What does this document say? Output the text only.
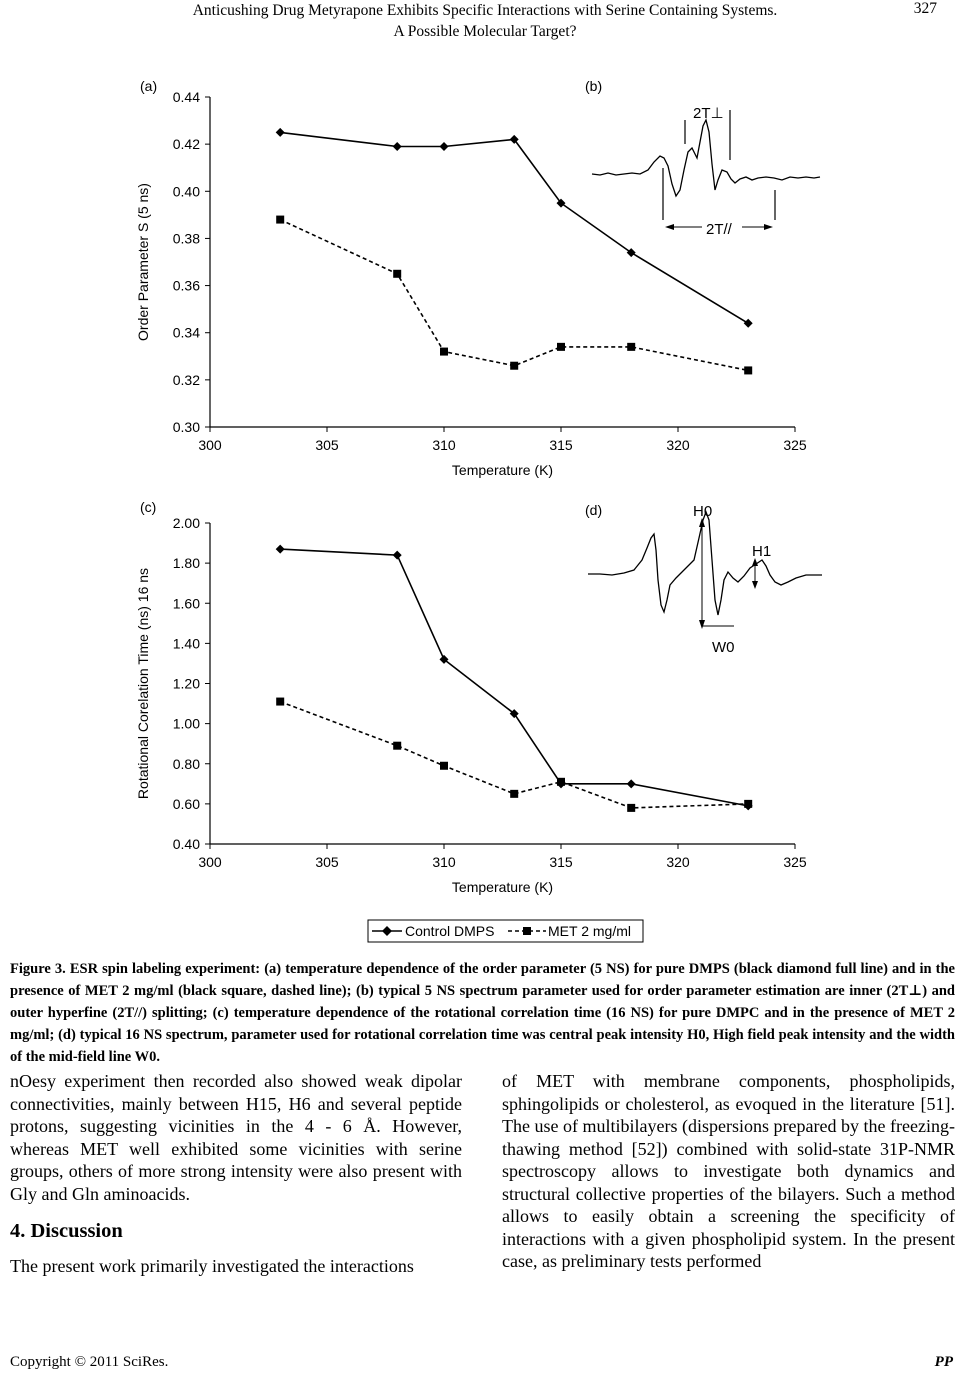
Anticushing Drug Metyrapone Exhibits Specific Interactions with Serine Containing Systems.
A Possible Molecular Target?
327
(a)	(b)
(c)	(d)
0.30
0.32
0.34
0.36
0.38
0.40
0.42
0.44
300	305	310	315	320	325
Temperature (K)
Order Parameter S (5 ns)
0.40
0.60
0.80
1.00
1.20
1.40
1.60
1.80
2.00
300	305	310	315	320	325
Temperature (K)
Rotational Corelation Time (ns) 16 ns
2T⊥
2T//
H0
H1
W0
Control DMPS	MET 2 mg/ml
Figure 3. ESR spin labeling experiment: (a) temperature dependence of the order parameter (5 NS) for pure DMPS (black diamond full line) and in the presence of MET 2 mg/ml (black square, dashed line); (b) typical 5 NS spectrum parameter used for order parameter estimation are inner (2T⊥) and outer hyperfine (2T//) splitting; (c) temperature dependence of the rotational correlation time (16 NS) for pure DMPC and in the presence of MET 2 mg/ml; (d) typical 16 NS spectrum, parameter used for rotational correlation time was central peak intensity H0, High field peak intensity and the width of the mid-field line W0.

nOesy experiment then recorded also showed weak dipolar connectivities, mainly between H15, H6 and several peptide protons, suggesting vicinities in the 4 - 6 Å. However, whereas MET well exhibited some vicinities with serine groups, others of more strong intensity were also present with Gly and Gln aminoacids.

4. Discussion

The present work primarily investigated the interactions

of MET with membrane components, phospholipids, sphingolipids or cholesterol, as evoqued in the literature [51]. The use of multibilayers (dispersions prepared by the freezing-thawing method [52]) combined with solid-state 31P-NMR spectroscopy allows to investigate both dynamics and structural collective properties of the bilayers. Such a method allows to easily obtain a screening the specificity of interactions with a given phospholipid system. In the present case, as preliminary tests performed

Copyright © 2011 SciRes.	PP
